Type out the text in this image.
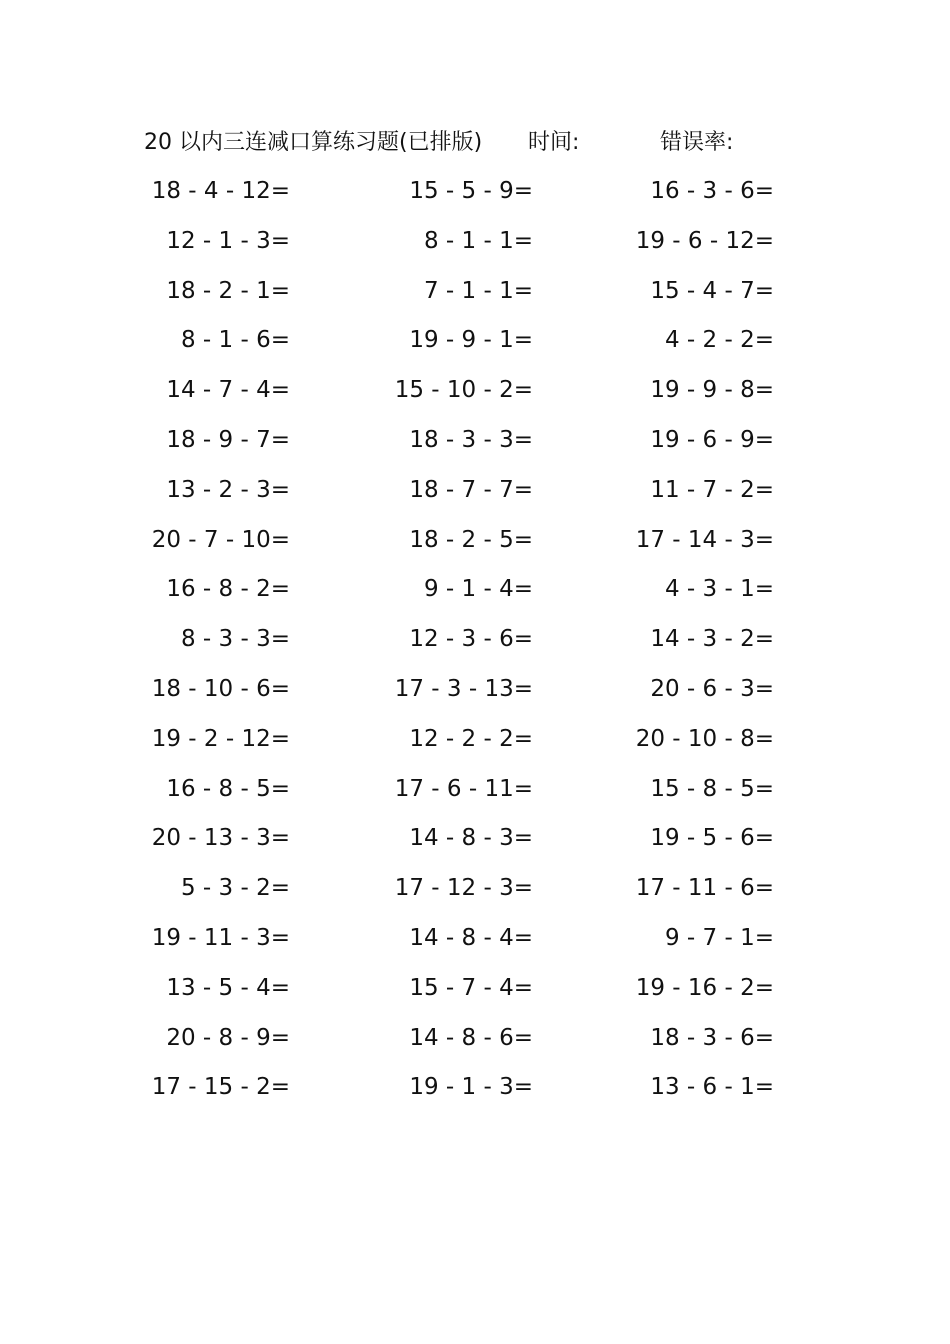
20 以内三连减口算练习题(已排版) 时间:	错误率:
18 - 4 - 12=	15 - 5 - 9=	16 - 3 - 6=
12 - 1 - 3=	8 - 1 - 1=	19 - 6 - 12=
18 - 2 - 1=	7 - 1 - 1=	15 - 4 - 7=
8 - 1 - 6=	19 - 9 - 1=	4 - 2 - 2=
14 - 7 - 4=	15 - 10 - 2=	19 - 9 - 8=
18 - 9 - 7=	18 - 3 - 3=	19 - 6 - 9=
13 - 2 - 3=	18 - 7 - 7=	11 - 7 - 2=
20 - 7 - 10=	18 - 2 - 5=	17 - 14 - 3=
16 - 8 - 2=	9 - 1 - 4=	4 - 3 - 1=
8 - 3 - 3=	12 - 3 - 6=	14 - 3 - 2=
18 - 10 - 6=	17 - 3 - 13=	20 - 6 - 3=
19 - 2 - 12=	12 - 2 - 2=	20 - 10 - 8=
16 - 8 - 5=	17 - 6 - 11=	15 - 8 - 5=
20 - 13 - 3=	14 - 8 - 3=	19 - 5 - 6=
5 - 3 - 2=	17 - 12 - 3=	17 - 11 - 6=
19 - 11 - 3=	14 - 8 - 4=	9 - 7 - 1=
13 - 5 - 4=	15 - 7 - 4=	19 - 16 - 2=
20 - 8 - 9=	14 - 8 - 6=	18 - 3 - 6=
17 - 15 - 2=	19 - 1 - 3=	13 - 6 - 1=
